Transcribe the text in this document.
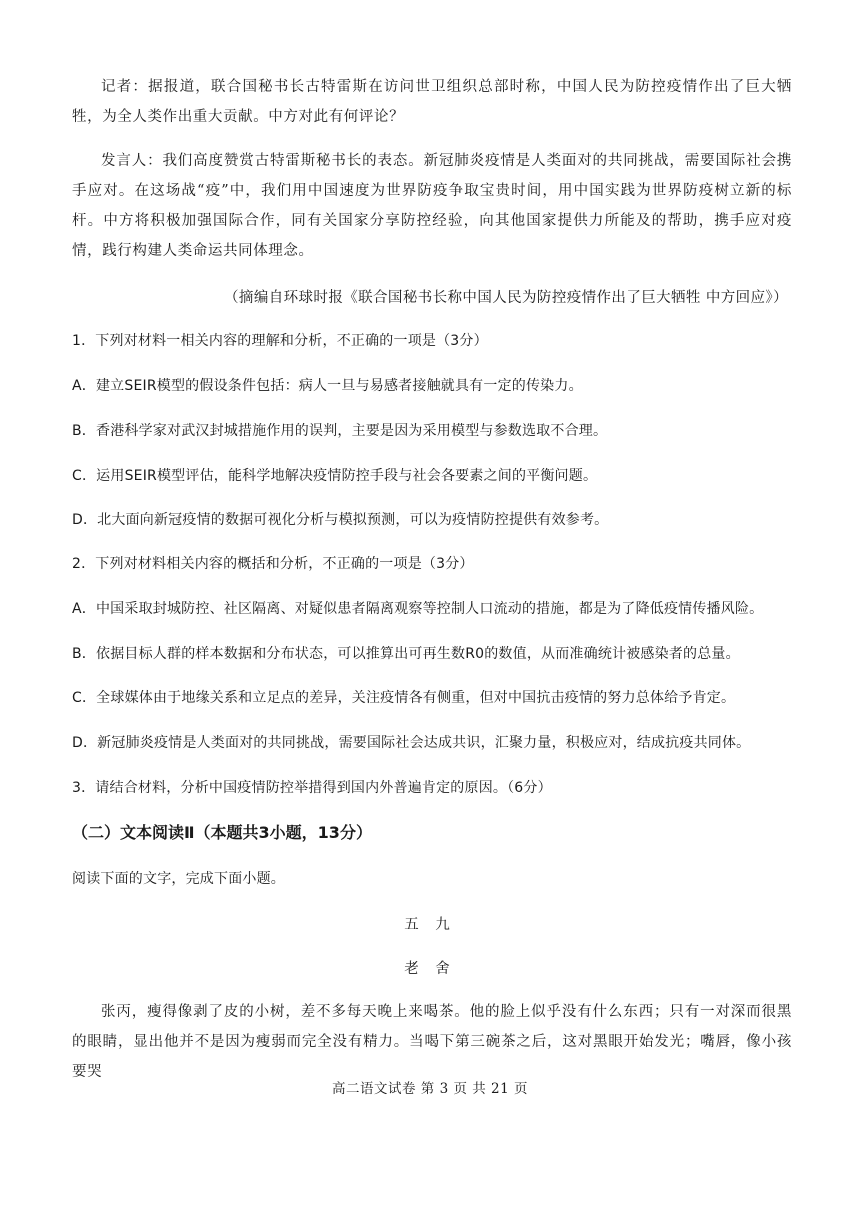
记者：据报道，联合国秘书长古特雷斯在访问世卫组织总部时称，中国人民为防控疫情作出了巨大牺牲，为全人类作出重大贡献。中方对此有何评论？

发言人：我们高度赞赏古特雷斯秘书长的表态。新冠肺炎疫情是人类面对的共同挑战，需要国际社会携手应对。在这场战“疫”中，我们用中国速度为世界防疫争取宝贵时间，用中国实践为世界防疫树立新的标杆。中方将积极加强国际合作，同有关国家分享防控经验，向其他国家提供力所能及的帮助，携手应对疫情，践行构建人类命运共同体理念。

（摘编自环球时报《联合国秘书长称中国人民为防控疫情作出了巨大牺牲 中方回应》）

1．下列对材料一相关内容的理解和分析，不正确的一项是（3分）

A．建立SEIR模型的假设条件包括：病人一旦与易感者接触就具有一定的传染力。

B．香港科学家对武汉封城措施作用的误判，主要是因为采用模型与参数选取不合理。

C．运用SEIR模型评估，能科学地解决疫情防控手段与社会各要素之间的平衡问题。

D．北大面向新冠疫情的数据可视化分析与模拟预测，可以为疫情防控提供有效参考。

2．下列对材料相关内容的概括和分析，不正确的一项是（3分）

A．中国采取封城防控、社区隔离、对疑似患者隔离观察等控制人口流动的措施，都是为了降低疫情传播风险。

B．依据目标人群的样本数据和分布状态，可以推算出可再生数R0的数值，从而准确统计被感染者的总量。

C．全球媒体由于地缘关系和立足点的差异，关注疫情各有侧重，但对中国抗击疫情的努力总体给予肯定。

D．新冠肺炎疫情是人类面对的共同挑战，需要国际社会达成共识，汇聚力量，积极应对，结成抗疫共同体。

3．请结合材料，分析中国疫情防控举措得到国内外普遍肯定的原因。（6分）

（二）文本阅读Ⅱ（本题共3小题，13分）

阅读下面的文字，完成下面小题。

五 九

老 舍

张丙，瘦得像剥了皮的小树，差不多每天晚上来喝茶。他的脸上似乎没有什么东西；只有一对深而很黑的眼睛，显出他并不是因为瘦弱而完全没有精力。当喝下第三碗茶之后，这对黑眼开始发光；嘴唇，像小孩要哭

高二语文试卷 第 3 页 共 21 页
